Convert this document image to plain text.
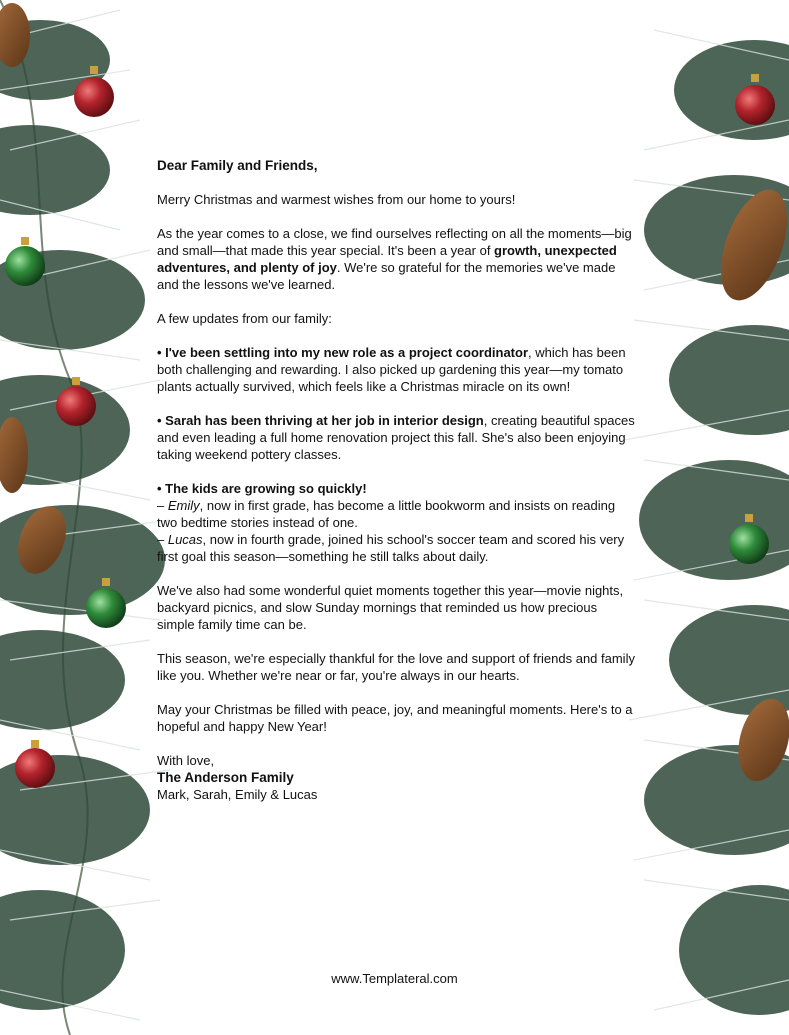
Dear Family and Friends,

Merry Christmas and warmest wishes from our home to yours!

As the year comes to a close, we find ourselves reflecting on all the moments—big and small—that made this year special. It's been a year of growth, unexpected adventures, and plenty of joy. We're so grateful for the memories we've made and the lessons we've learned.

A few updates from our family:

• I've been settling into my new role as a project coordinator, which has been both challenging and rewarding. I also picked up gardening this year—my tomato plants actually survived, which feels like a Christmas miracle on its own!

• Sarah has been thriving at her job in interior design, creating beautiful spaces and even leading a full home renovation project this fall. She's also been enjoying taking weekend pottery classes.

• The kids are growing so quickly!

– Emily, now in first grade, has become a little bookworm and insists on reading two bedtime stories instead of one.

– Lucas, now in fourth grade, joined his school's soccer team and scored his very first goal this season—something he still talks about daily.

We've also had some wonderful quiet moments together this year—movie nights, backyard picnics, and slow Sunday mornings that reminded us how precious simple family time can be.

This season, we're especially thankful for the love and support of friends and family like you. Whether we're near or far, you're always in our hearts.

May your Christmas be filled with peace, joy, and meaningful moments. Here's to a hopeful and happy New Year!

With love,

The Anderson Family

Mark, Sarah, Emily & Lucas

www.Templateral.com
